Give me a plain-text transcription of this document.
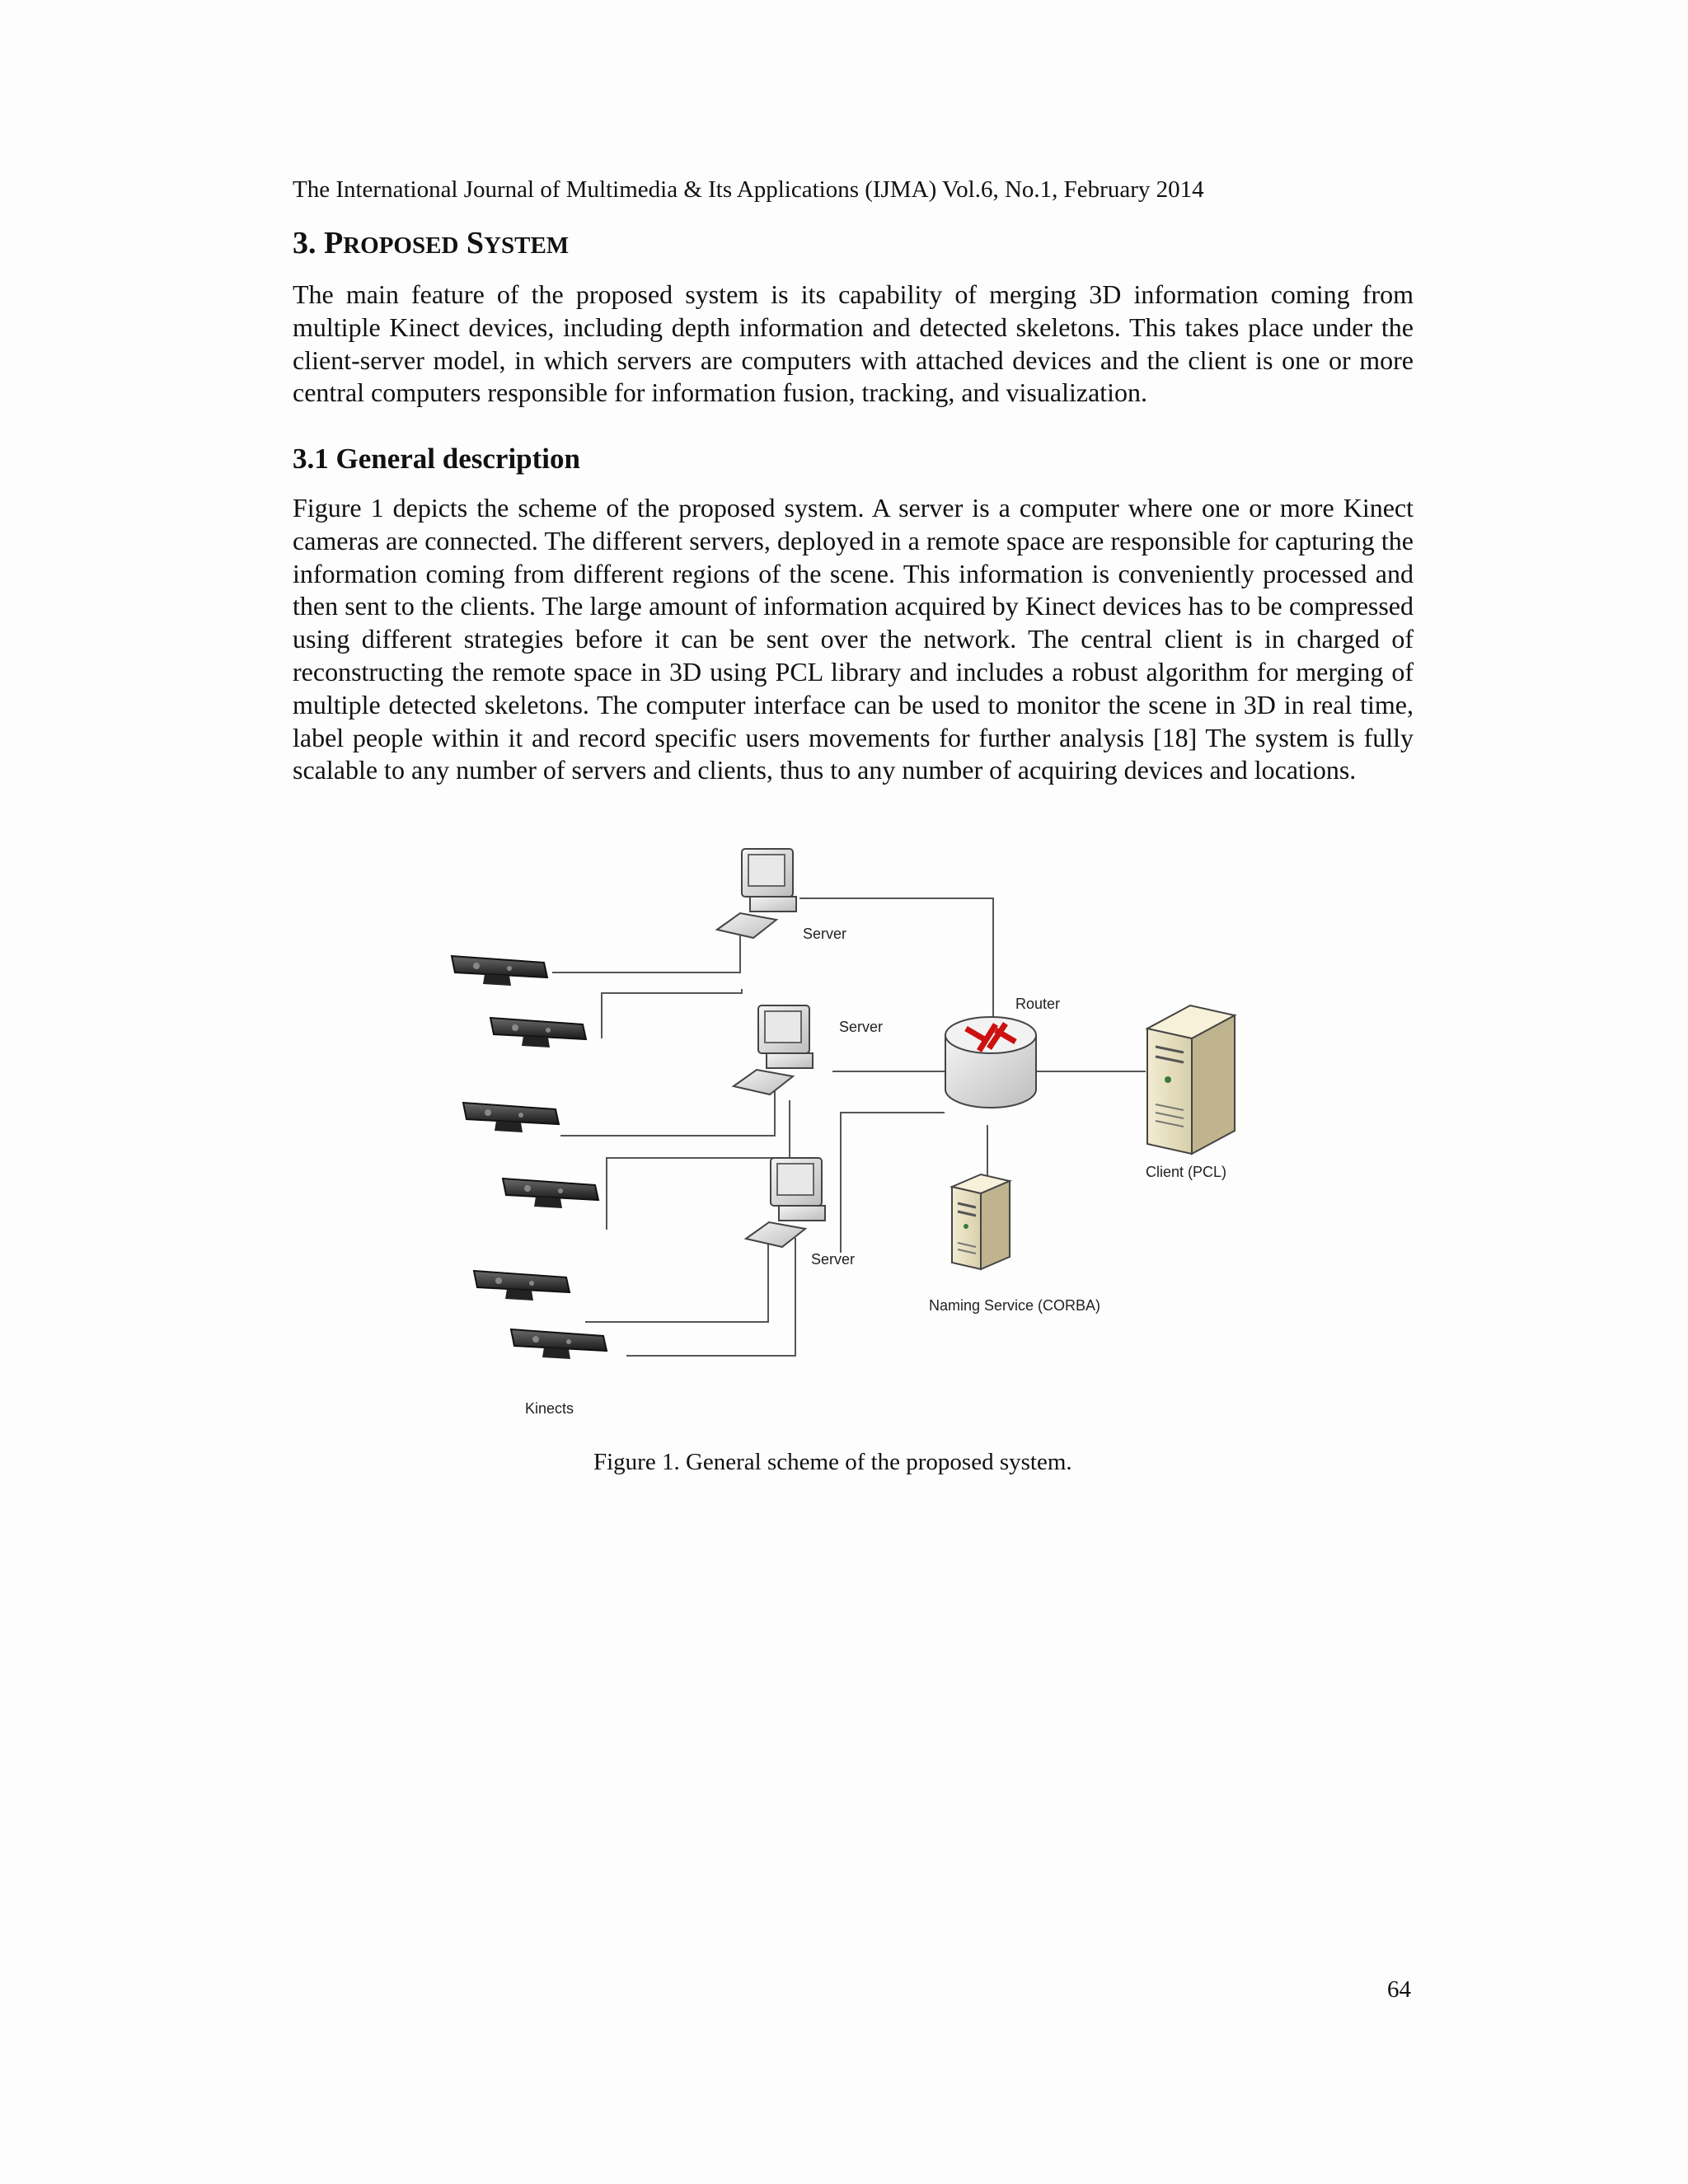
The International Journal of Multimedia & Its Applications (IJMA) Vol.6, No.1, February 2014
3. PROPOSED SYSTEM
The main feature of the proposed system is its capability of merging 3D information coming from multiple Kinect devices, including depth information and detected skeletons. This takes place under the client-server model, in which servers are computers with attached devices and the client is one or more central computers responsible for information fusion, tracking, and visualization.
3.1 General description
Figure 1 depicts the scheme of the proposed system. A server is a computer where one or more Kinect cameras are connected. The different servers, deployed in a remote space are responsible for capturing the information coming from different regions of the scene. This information is conveniently processed and then sent to the clients. The large amount of information acquired by Kinect devices has to be compressed using different strategies before it can be sent over the network. The central client is in charged of reconstructing the remote space in 3D using PCL library and includes a robust algorithm for merging of multiple detected skeletons. The computer interface can be used to monitor the scene in 3D in real time, label people within it and record specific users movements for further analysis [18] The system is fully scalable to any number of servers and clients, thus to any number of acquiring devices and locations.
Server
Server
Server
Router
Client (PCL)
Naming Service (CORBA)
Kinects
Figure 1. General scheme of the proposed system.
64
